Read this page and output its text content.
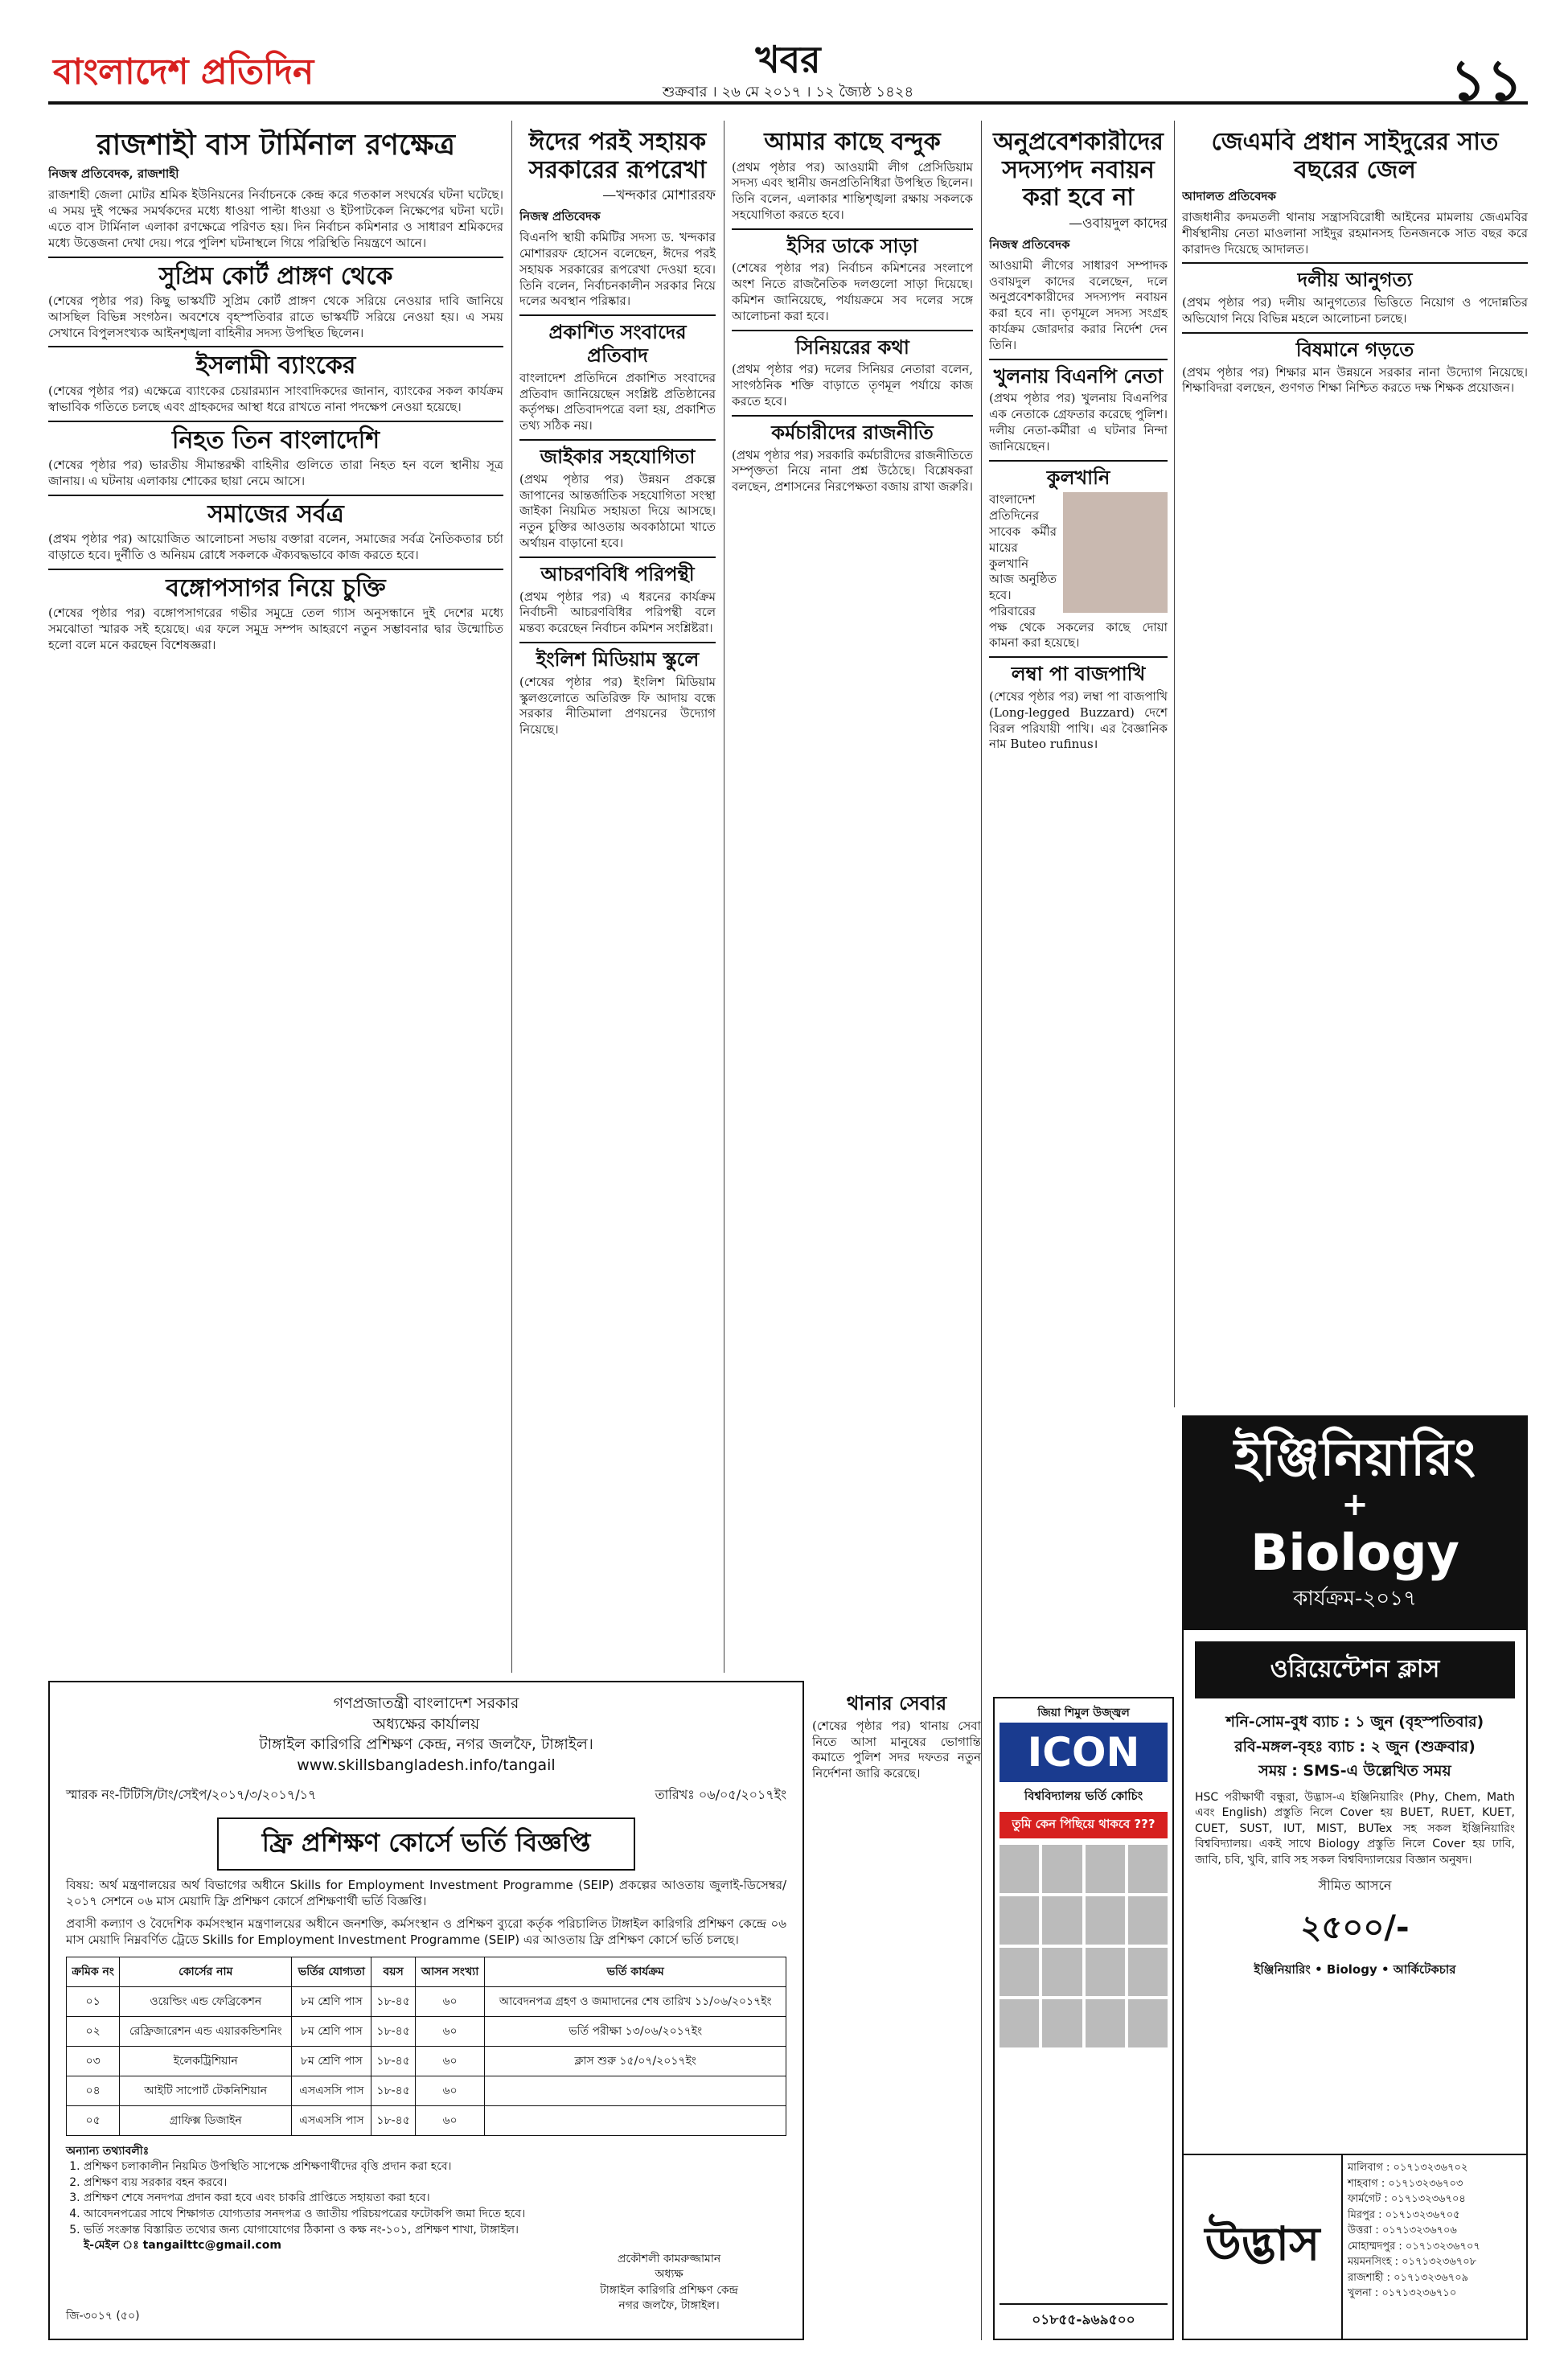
বাংলাদেশ প্রতিদিন	খবর
শুক্রবার । ২৬ মে ২০১৭ । ১২ জ্যৈষ্ঠ ১৪২৪	১১
রাজশাহী বাস টার্মিনাল রণক্ষেত্র
নিজস্ব প্রতিবেদক, রাজশাহী

রাজশাহী জেলা মোটর শ্রমিক ইউনিয়নের নির্বাচনকে কেন্দ্র করে গতকাল সংঘর্ষের ঘটনা ঘটেছে। এ সময় দুই পক্ষের সমর্থকদের মধ্যে ধাওয়া পাল্টা ধাওয়া ও ইটপাটকেল নিক্ষেপের ঘটনা ঘটে। এতে বাস টার্মিনাল এলাকা রণক্ষেত্রে পরিণত হয়। দিন নির্বাচন কমিশনার ও সাধারণ শ্রমিকদের মধ্যে উত্তেজনা দেখা দেয়। পরে পুলিশ ঘটনাস্থলে গিয়ে পরিস্থিতি নিয়ন্ত্রণে আনে।

সুপ্রিম কোর্ট প্রাঙ্গণ থেকে

(শেষের পৃষ্ঠার পর) কিছু ভাস্কর্যটি সুপ্রিম কোর্ট প্রাঙ্গণ থেকে সরিয়ে নেওয়ার দাবি জানিয়ে আসছিল বিভিন্ন সংগঠন। অবশেষে বৃহস্পতিবার রাতে ভাস্কর্যটি সরিয়ে নেওয়া হয়। এ সময় সেখানে বিপুলসংখ্যক আইনশৃঙ্খলা বাহিনীর সদস্য উপস্থিত ছিলেন।

ইসলামী ব্যাংকের

(শেষের পৃষ্ঠার পর) এক্ষেত্রে ব্যাংকের চেয়ারম্যান সাংবাদিকদের জানান, ব্যাংকের সকল কার্যক্রম স্বাভাবিক গতিতে চলছে এবং গ্রাহকদের আস্থা ধরে রাখতে নানা পদক্ষেপ নেওয়া হয়েছে।

নিহত তিন বাংলাদেশি

(শেষের পৃষ্ঠার পর) ভারতীয় সীমান্তরক্ষী বাহিনীর গুলিতে তারা নিহত হন বলে স্থানীয় সূত্র জানায়। এ ঘটনায় এলাকায় শোকের ছায়া নেমে আসে।

সমাজের সর্বত্র

(প্রথম পৃষ্ঠার পর) আয়োজিত আলোচনা সভায় বক্তারা বলেন, সমাজের সর্বত্র নৈতিকতার চর্চা বাড়াতে হবে। দুর্নীতি ও অনিয়ম রোধে সকলকে ঐক্যবদ্ধভাবে কাজ করতে হবে।

বঙ্গোপসাগর নিয়ে চুক্তি

(শেষের পৃষ্ঠার পর) বঙ্গোপসাগরের গভীর সমুদ্রে তেল গ্যাস অনুসন্ধানে দুই দেশের মধ্যে সমঝোতা স্মারক সই হয়েছে। এর ফলে সমুদ্র সম্পদ আহরণে নতুন সম্ভাবনার দ্বার উন্মোচিত হলো বলে মনে করছেন বিশেষজ্ঞরা।

ঈদের পরই সহায়ক সরকারের রূপরেখা
—খন্দকার মোশাররফ
নিজস্ব প্রতিবেদক

বিএনপি স্থায়ী কমিটির সদস্য ড. খন্দকার মোশাররফ হোসেন বলেছেন, ঈদের পরই সহায়ক সরকারের রূপরেখা দেওয়া হবে। তিনি বলেন, নির্বাচনকালীন সরকার নিয়ে দলের অবস্থান পরিষ্কার।

প্রকাশিত সংবাদের প্রতিবাদ

বাংলাদেশ প্রতিদিনে প্রকাশিত সংবাদের প্রতিবাদ জানিয়েছেন সংশ্লিষ্ট প্রতিষ্ঠানের কর্তৃপক্ষ। প্রতিবাদপত্রে বলা হয়, প্রকাশিত তথ্য সঠিক নয়।

জাইকার সহযোগিতা

(প্রথম পৃষ্ঠার পর) উন্নয়ন প্রকল্পে জাপানের আন্তর্জাতিক সহযোগিতা সংস্থা জাইকা নিয়মিত সহায়তা দিয়ে আসছে। নতুন চুক্তির আওতায় অবকাঠামো খাতে অর্থায়ন বাড়ানো হবে।

আচরণবিধি পরিপন্থী

(প্রথম পৃষ্ঠার পর) এ ধরনের কার্যক্রম নির্বাচনী আচরণবিধির পরিপন্থী বলে মন্তব্য করেছেন নির্বাচন কমিশন সংশ্লিষ্টরা।

ইংলিশ মিডিয়াম স্কুলে

(শেষের পৃষ্ঠার পর) ইংলিশ মিডিয়াম স্কুলগুলোতে অতিরিক্ত ফি আদায় বন্ধে সরকার নীতিমালা প্রণয়নের উদ্যোগ নিয়েছে।

আমার কাছে বন্দুক

(প্রথম পৃষ্ঠার পর) আওয়ামী লীগ প্রেসিডিয়াম সদস্য এবং স্থানীয় জনপ্রতিনিধিরা উপস্থিত ছিলেন। তিনি বলেন, এলাকার শান্তিশৃঙ্খলা রক্ষায় সকলকে সহযোগিতা করতে হবে।

ইসির ডাকে সাড়া

(শেষের পৃষ্ঠার পর) নির্বাচন কমিশনের সংলাপে অংশ নিতে রাজনৈতিক দলগুলো সাড়া দিয়েছে। কমিশন জানিয়েছে, পর্যায়ক্রমে সব দলের সঙ্গে আলোচনা করা হবে।

সিনিয়রের কথা

(প্রথম পৃষ্ঠার পর) দলের সিনিয়র নেতারা বলেন, সাংগঠনিক শক্তি বাড়াতে তৃণমূল পর্যায়ে কাজ করতে হবে।

কর্মচারীদের রাজনীতি

(প্রথম পৃষ্ঠার পর) সরকারি কর্মচারীদের রাজনীতিতে সম্পৃক্ততা নিয়ে নানা প্রশ্ন উঠেছে। বিশ্লেষকরা বলছেন, প্রশাসনের নিরপেক্ষতা বজায় রাখা জরুরি।

থানার সেবার

(শেষের পৃষ্ঠার পর) থানায় সেবা নিতে আসা মানুষের ভোগান্তি কমাতে পুলিশ সদর দফতর নতুন নির্দেশনা জারি করেছে।

অনুপ্রবেশকারীদের সদস্যপদ নবায়ন করা হবে না
—ওবায়দুল কাদের
নিজস্ব প্রতিবেদক

আওয়ামী লীগের সাধারণ সম্পাদক ওবায়দুল কাদের বলেছেন, দলে অনুপ্রবেশকারীদের সদস্যপদ নবায়ন করা হবে না। তৃণমূলে সদস্য সংগ্রহ কার্যক্রম জোরদার করার নির্দেশ দেন তিনি।

খুলনায় বিএনপি নেতা

(প্রথম পৃষ্ঠার পর) খুলনায় বিএনপির এক নেতাকে গ্রেফতার করেছে পুলিশ। দলীয় নেতা-কর্মীরা এ ঘটনার নিন্দা জানিয়েছেন।

কুলখানি

বাংলাদেশ প্রতিদিনের সাবেক কর্মীর মায়ের কুলখানি আজ অনুষ্ঠিত হবে। পরিবারের পক্ষ থেকে সকলের কাছে দোয়া কামনা করা হয়েছে।

লম্বা পা বাজপাখি

(শেষের পৃষ্ঠার পর) লম্বা পা বাজপাখি (Long-legged Buzzard) দেশে বিরল পরিযায়ী পাখি। এর বৈজ্ঞানিক নাম Buteo rufinus।

জেএমবি প্রধান সাইদুরের সাত বছরের জেল
আদালত প্রতিবেদক

রাজধানীর কদমতলী থানায় সন্ত্রাসবিরোধী আইনের মামলায় জেএমবির শীর্ষস্থানীয় নেতা মাওলানা সাইদুর রহমানসহ তিনজনকে সাত বছর করে কারাদণ্ড দিয়েছে আদালত।

দলীয় আনুগত্য

(প্রথম পৃষ্ঠার পর) দলীয় আনুগত্যের ভিত্তিতে নিয়োগ ও পদোন্নতির অভিযোগ নিয়ে বিভিন্ন মহলে আলোচনা চলছে।

বিষমানে গড়তে

(প্রথম পৃষ্ঠার পর) শিক্ষার মান উন্নয়নে সরকার নানা উদ্যোগ নিয়েছে। শিক্ষাবিদরা বলছেন, গুণগত শিক্ষা নিশ্চিত করতে দক্ষ শিক্ষক প্রয়োজন।

গণপ্রজাতন্ত্রী বাংলাদেশ সরকার
অধ্যক্ষের কার্যালয়
টাঙ্গাইল কারিগরি প্রশিক্ষণ কেন্দ্র, নগর জলফৈ, টাঙ্গাইল।
www.skillsbangladesh.info/tangail
স্মারক নং-টিটিসি/টাং/সেইপ/২০১৭/৩/২০১৭/১৭	তারিখঃ ০৬/০৫/২০১৭ইং
ফ্রি প্রশিক্ষণ কোর্সে ভর্তি বিজ্ঞপ্তি

বিষয়: অর্থ মন্ত্রণালয়ের অর্থ বিভাগের অধীনে Skills for Employment Investment Programme (SEIP) প্রকল্পের আওতায় জুলাই-ডিসেম্বর/২০১৭ সেশনে ০৬ মাস মেয়াদি ফ্রি প্রশিক্ষণ কোর্সে প্রশিক্ষণার্থী ভর্তি বিজ্ঞপ্তি।

প্রবাসী কল্যাণ ও বৈদেশিক কর্মসংস্থান মন্ত্রণালয়ের অধীনে জনশক্তি, কর্মসংস্থান ও প্রশিক্ষণ ব্যুরো কর্তৃক পরিচালিত টাঙ্গাইল কারিগরি প্রশিক্ষণ কেন্দ্রে ০৬ মাস মেয়াদি নিম্নবর্ণিত ট্রেডে Skills for Employment Investment Programme (SEIP) এর আওতায় ফ্রি প্রশিক্ষণ কোর্সে ভর্তি চলছে।

ক্রমিক নং	কোর্সের নাম	ভর্তির যোগ্যতা	বয়স	আসন সংখ্যা	ভর্তি কার্যক্রম
০১	ওয়েল্ডিং এন্ড ফেব্রিকেশন	৮ম শ্রেণি পাস	১৮-৪৫	৬০	আবেদনপত্র গ্রহণ ও জমাদানের শেষ তারিখ ১১/০৬/২০১৭ইং
০২	রেফ্রিজারেশন এন্ড এয়ারকন্ডিশনিং	৮ম শ্রেণি পাস	১৮-৪৫	৬০	ভর্তি পরীক্ষা ১৩/০৬/২০১৭ইং
০৩	ইলেকট্রিশিয়ান	৮ম শ্রেণি পাস	১৮-৪৫	৬০	ক্লাস শুরু ১৫/০৭/২০১৭ইং
০৪	আইটি সাপোর্ট টেকনিশিয়ান	এসএসসি পাস	১৮-৪৫	৬০	
০৫	গ্রাফিক্স ডিজাইন	এসএসসি পাস	১৮-৪৫	৬০	
অন্যান্য তথ্যাবলীঃ
1. প্রশিক্ষণ চলাকালীন নিয়মিত উপস্থিতি সাপেক্ষে প্রশিক্ষণার্থীদের বৃত্তি প্রদান করা হবে।
2. প্রশিক্ষণ ব্যয় সরকার বহন করবে।
3. প্রশিক্ষণ শেষে সনদপত্র প্রদান করা হবে এবং চাকরি প্রাপ্তিতে সহায়তা করা হবে।
4. আবেদনপত্রের সাথে শিক্ষাগত যোগ্যতার সনদপত্র ও জাতীয় পরিচয়পত্রের ফটোকপি জমা দিতে হবে।
5. ভর্তি সংক্রান্ত বিস্তারিত তথ্যের জন্য যোগাযোগের ঠিকানা ও কক্ষ নং-১০১, প্রশিক্ষণ শাখা, টাঙ্গাইল।
ই-মেইল ঃ tangailttc@gmail.com
প্রকৌশলী কামরুজ্জামান
অধ্যক্ষ
টাঙ্গাইল কারিগরি প্রশিক্ষণ কেন্দ্র
নগর জলফৈ, টাঙ্গাইল।
জি-৩০১৭ (৫০)
জিয়া শিমুল উজ্জ্বল
ICON
বিশ্ববিদ্যালয় ভর্তি কোচিং
তুমি কেন পিছিয়ে থাকবে ???
০১৮৫৫-৯৬৯৫০০
ইঞ্জিনিয়ারিং
+
Biology
কার্যক্রম-২০১৭
ওরিয়েন্টেশন ক্লাস
শনি-সোম-বুধ ব্যাচ : ১ জুন (বৃহস্পতিবার)
রবি-মঙ্গল-বৃহঃ ব্যাচ : ২ জুন (শুক্রবার)
সময় : SMS-এ উল্লেখিত সময়

HSC পরীক্ষার্থী বন্ধুরা, উদ্ভাস-এ ইঞ্জিনিয়ারিং (Phy, Chem, Math এবং English) প্রস্তুতি নিলে Cover হয় BUET, RUET, KUET, CUET, SUST, IUT, MIST, BUTex সহ সকল ইঞ্জিনিয়ারিং বিশ্ববিদ্যালয়। একই সাথে Biology প্রস্তুতি নিলে Cover হয় ঢাবি, জাবি, চবি, খুবি, রাবি সহ সকল বিশ্ববিদ্যালয়ের বিজ্ঞান অনুষদ।

সীমিত আসনে
২৫০০/-
ইঞ্জিনিয়ারিং • Biology • আর্কিটেকচার
উদ্ভাস
মালিবাগ : ০১৭১৩২৩৬৭০২
শাহবাগ : ০১৭১৩২৩৬৭০৩
ফার্মগেট : ০১৭১৩২৩৬৭০৪
মিরপুর : ০১৭১৩২৩৬৭০৫
উত্তরা : ০১৭১৩২৩৬৭০৬
মোহাম্মদপুর : ০১৭১৩২৩৬৭০৭
ময়মনসিংহ : ০১৭১৩২৩৬৭০৮
রাজশাহী : ০১৭১৩২৩৬৭০৯
খুলনা : ০১৭১৩২৩৬৭১০
